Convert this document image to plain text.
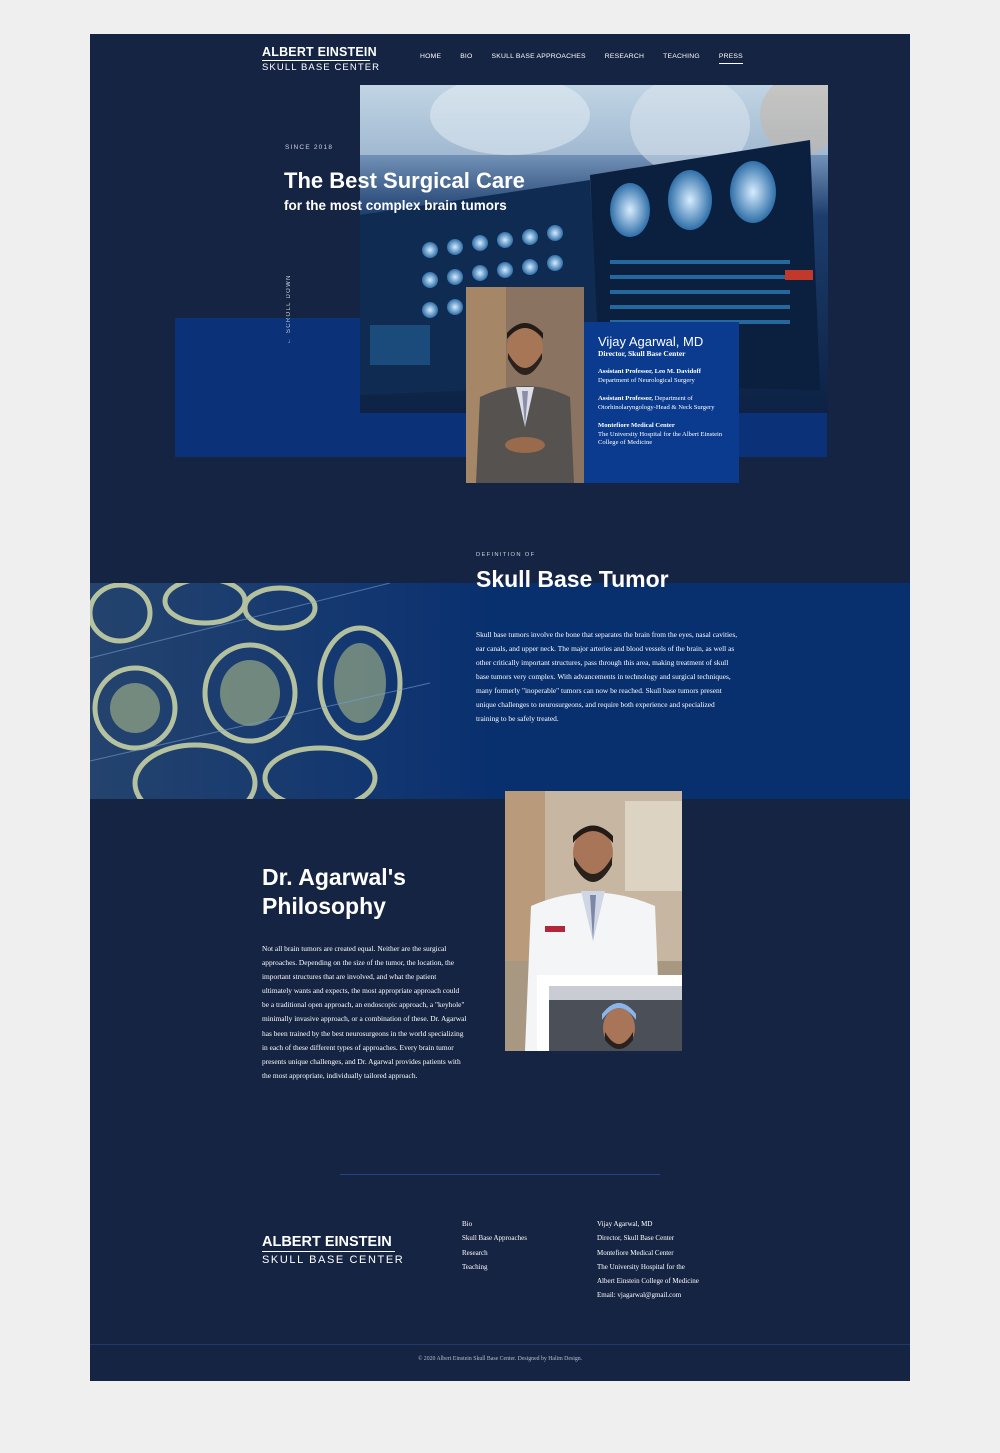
ALBERT EINSTEIN
SKULL BASE CENTER
HOME	BIO	SKULL BASE APPROACHES	RESEARCH	TEACHING	PRESS
SINCE 2018
The Best Surgical Care
for the most complex brain tumors
←
SCROLL DOWN
Vijay Agarwal, MD
Director, Skull Base Center
Assistant Professor, Leo M. Davidoff
Department of Neurological Surgery
Assistant Professor, Department of Otorhinolaryngology-Head & Neck Surgery
Montefiore Medical Center
The University Hospital for the Albert Einstein College of Medicine
DEFINITION OF
Skull Base Tumor

Skull base tumors involve the bone that separates the brain from the eyes, nasal cavities, ear canals, and upper neck. The major arteries and blood vessels of the brain, as well as other critically important structures, pass through this area, making treatment of skull base tumors very complex. With advancements in technology and surgical techniques, many formerly "inoperable" tumors can now be reached. Skull base tumors present unique challenges to neurosurgeons, and require both experience and specialized training to be safely treated.

Dr. Agarwal's Philosophy

Not all brain tumors are created equal. Neither are the surgical approaches. Depending on the size of the tumor, the location, the important structures that are involved, and what the patient ultimately wants and expects, the most appropriate approach could be a traditional open approach, an endoscopic approach, a "keyhole" minimally invasive approach, or a combination of these. Dr. Agarwal has been trained by the best neurosurgeons in the world specializing in each of these different types of approaches. Every brain tumor presents unique challenges, and Dr. Agarwal provides patients with the most appropriate, individually tailored approach.

ALBERT EINSTEIN
SKULL BASE CENTER
Bio
Skull Base Approaches
Research
Teaching
Vijay Agarwal, MD
Director, Skull Base Center
Montefiore Medical Center
The University Hospital for the
Albert Einstein College of Medicine
Email: vjagarwal@gmail.com
© 2020 Albert Einstein Skull Base Center. Designed by Halim Design.
